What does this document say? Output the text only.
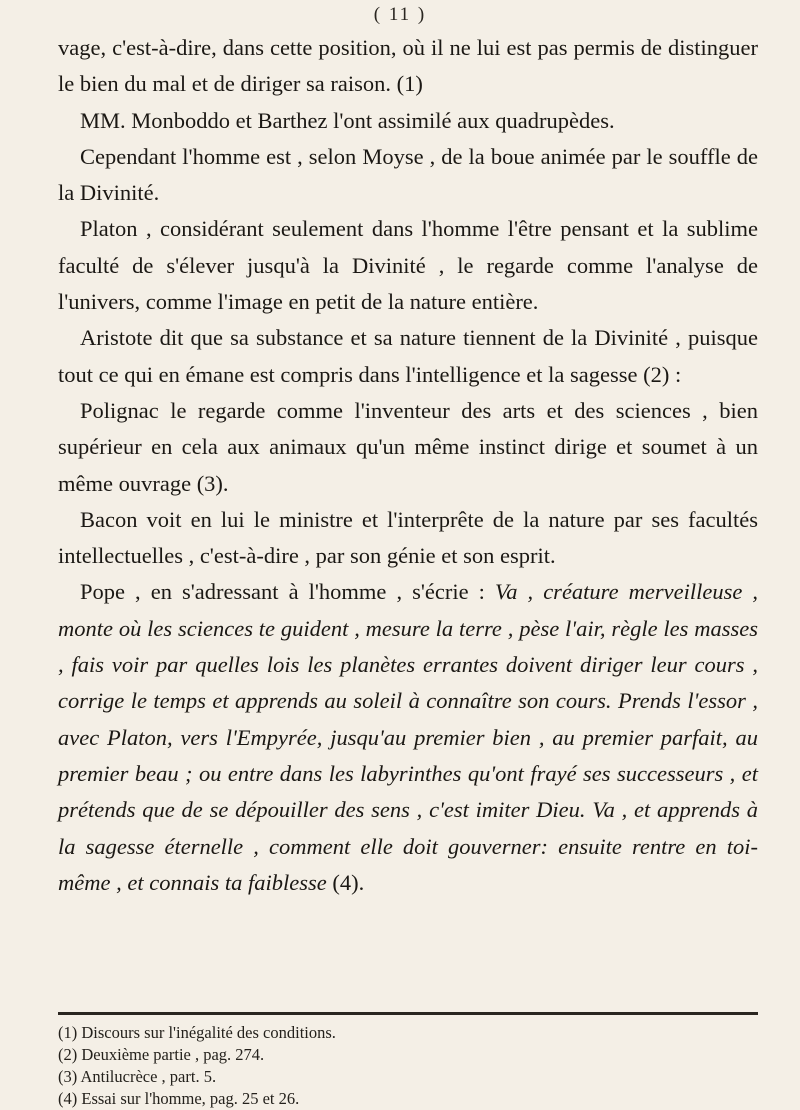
( 11 )

vage, c'est-à-dire, dans cette position, où il ne lui est pas permis de distinguer le bien du mal et de diriger sa raison. (1)

MM. Monboddo et Barthez l'ont assimilé aux quadrupèdes.

Cependant l'homme est , selon Moyse , de la boue animée par le souffle de la Divinité.

Platon , considérant seulement dans l'homme l'être pensant et la sublime faculté de s'élever jusqu'à la Divinité , le regarde comme l'analyse de l'univers, comme l'image en petit de la nature entière.

Aristote dit que sa substance et sa nature tiennent de la Divinité , puisque tout ce qui en émane est compris dans l'intelligence et la sagesse (2) :

Polignac le regarde comme l'inventeur des arts et des sciences , bien supérieur en cela aux animaux qu'un même instinct dirige et soumet à un même ouvrage (3).

Bacon voit en lui le ministre et l'interprête de la nature par ses facultés intellectuelles , c'est-à-dire , par son génie et son esprit.

Pope , en s'adressant à l'homme , s'écrie : Va , créature merveilleuse , monte où les sciences te guident , mesure la terre , pèse l'air, règle les masses , fais voir par quelles lois les planètes errantes doivent diriger leur cours , corrige le temps et apprends au soleil à connaître son cours. Prends l'essor , avec Platon, vers l'Empyrée, jusqu'au premier bien , au premier parfait, au premier beau ; ou entre dans les labyrinthes qu'ont frayé ses successeurs , et prétends que de se dépouiller des sens , c'est imiter Dieu. Va , et apprends à la sagesse éternelle , comment elle doit gouverner: ensuite rentre en toi-même , et connais ta faiblesse (4).

(1) Discours sur l'inégalité des conditions.

(2) Deuxième partie , pag. 274.

(3) Antilucrèce , part. 5.

(4) Essai sur l'homme, pag. 25 et 26.
